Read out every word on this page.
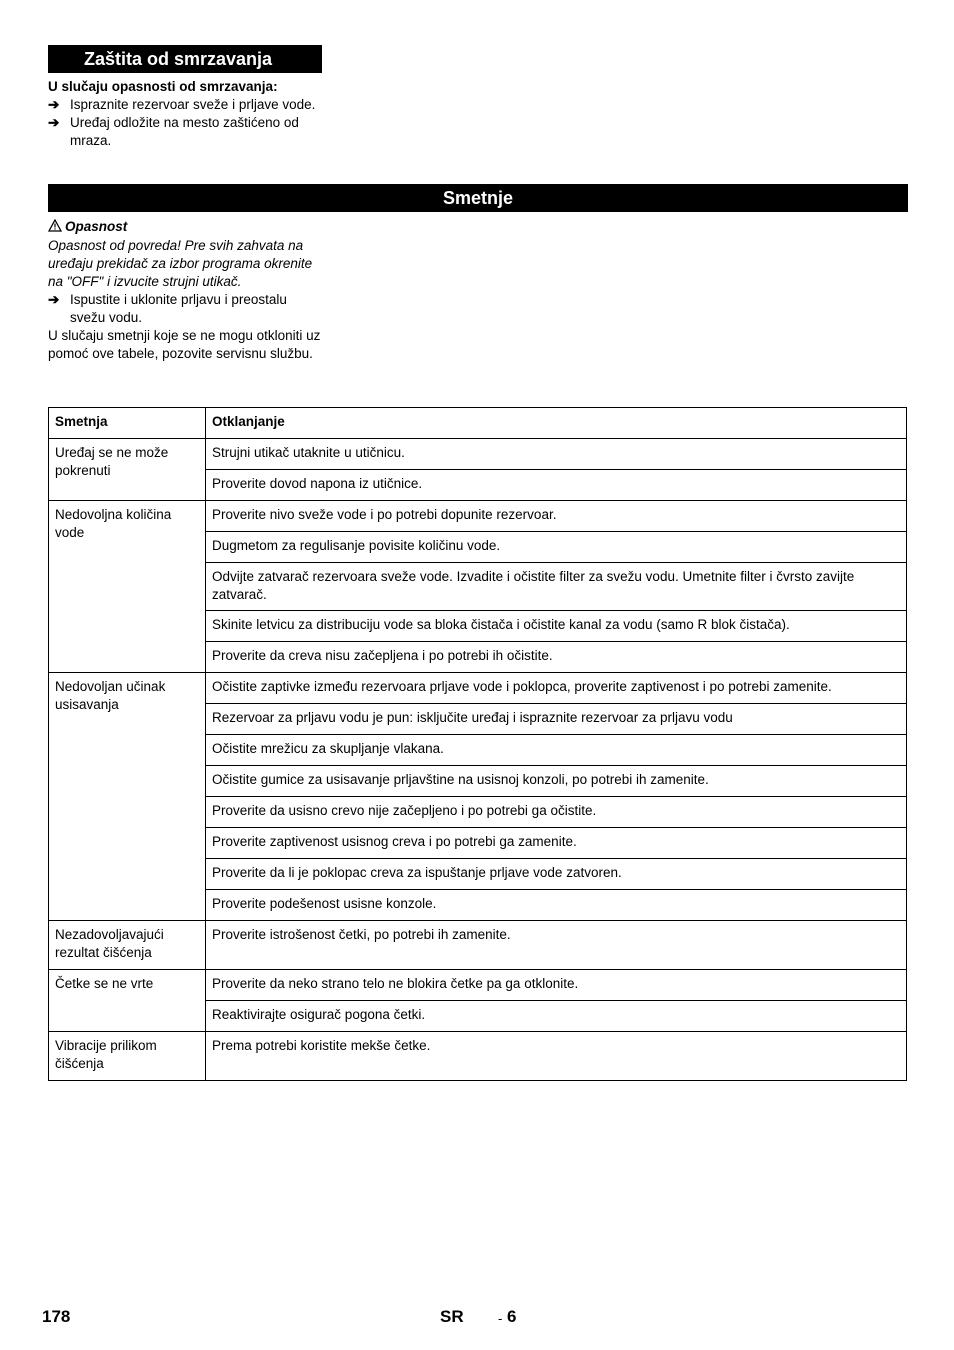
Zaštita od smrzavanja

U slučaju opasnosti od smrzavanja:

➔ Ispraznite rezervoar sveže i prljave vode.

➔ Uređaj odložite na mesto zaštićeno od mraza.

Smetnje

Opasnost

Opasnost od povreda! Pre svih zahvata na uređaju prekidač za izbor programa okrenite na "OFF" i izvucite strujni utikač.

➔ Ispustite i uklonite prljavu i preostalu svežu vodu.

U slučaju smetnji koje se ne mogu otkloniti uz pomoć ove tabele, pozovite servisnu službu.

Smetnja	Otklanjanje
Uređaj se ne može pokrenuti	Strujni utikač utaknite u utičnicu.
	Proverite dovod napona iz utičnice.
Nedovoljna količina vode	Proverite nivo sveže vode i po potrebi dopunite rezervoar.
	Dugmetom za regulisanje povisite količinu vode.
	Odvijte zatvarač rezervoara sveže vode. Izvadite i očistite filter za svežu vodu. Umetnite filter i čvrsto zavijte zatvarač.
	Skinite letvicu za distribuciju vode sa bloka čistača i očistite kanal za vodu (samo R blok čistača).
	Proverite da creva nisu začepljena i po potrebi ih očistite.
Nedovoljan učinak usisavanja	Očistite zaptivke između rezervoara prljave vode i poklopca, proverite zaptivenost i po potrebi zamenite.
	Rezervoar za prljavu vodu je pun: isključite uređaj i ispraznite rezervoar za prljavu vodu
	Očistite mrežicu za skupljanje vlakana.
	Očistite gumice za usisavanje prljavštine na usisnoj konzoli, po potrebi ih zamenite.
	Proverite da usisno crevo nije začepljeno i po potrebi ga očistite.
	Proverite zaptivenost usisnog creva i po potrebi ga zamenite.
	Proverite da li je poklopac creva za ispuštanje prljave vode zatvoren.
	Proverite podešenost usisne konzole.
Nezadovoljavajući rezultat čišćenja	Proverite istrošenost četki, po potrebi ih zamenite.
Četke se ne vrte	Proverite da neko strano telo ne blokira četke pa ga otklonite.
	Reaktivirajte osigurač pogona četki.
Vibracije prilikom čišćenja	Prema potrebi koristite mekše četke.
178	SR	- 6
